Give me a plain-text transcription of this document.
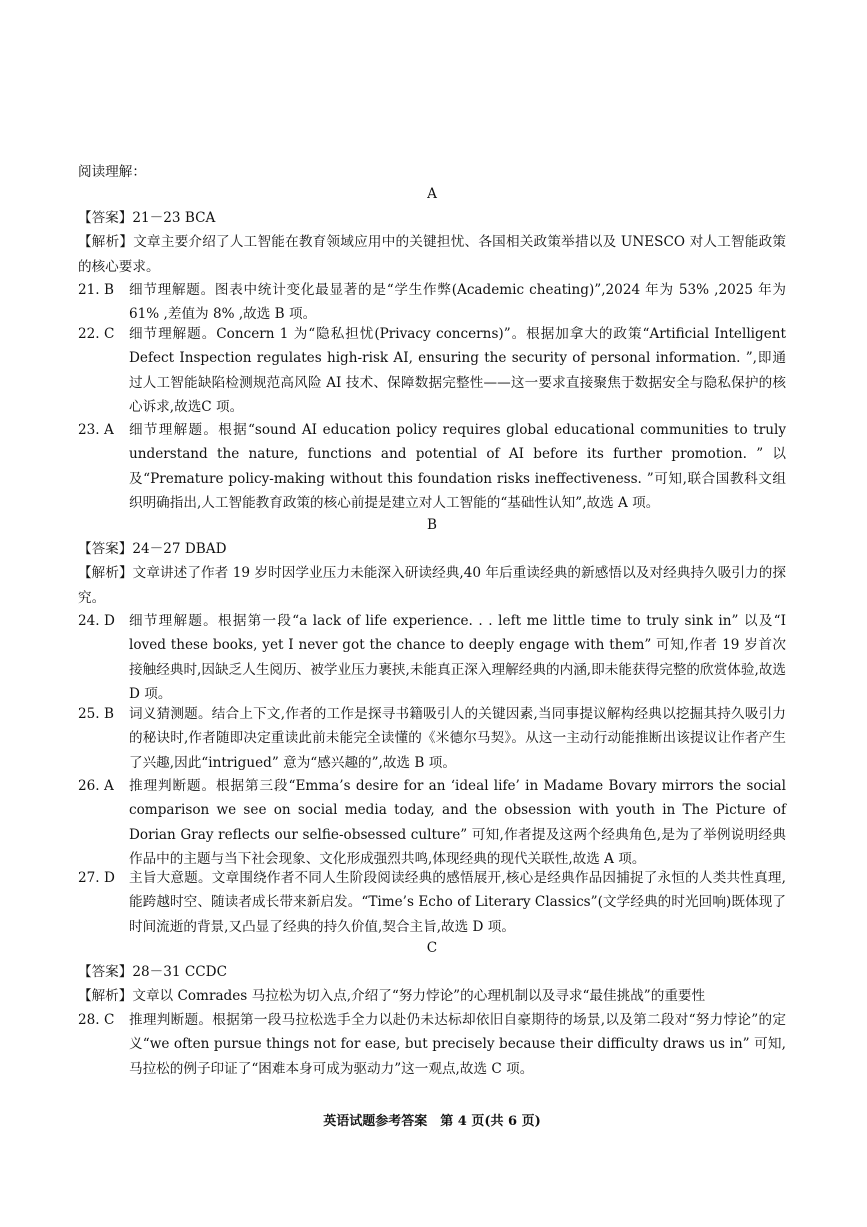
阅读理解：
A
【答案】21－23 BCA
【解析】文章主要介绍了人工智能在教育领域应用中的关键担忧、各国相关政策举措以及 UNESCO 对人工智能政策的核心要求。
21. B	细节理解题。图表中统计变化最显著的是“学生作弊(Academic cheating)”,2024 年为 53% ,2025 年为 61% ,差值为 8% ,故选 B 项。
22. C	细节理解题。Concern 1 为“隐私担忧(Privacy concerns)”。根据加拿大的政策“Artificial Intelligent Defect Inspection regulates high-risk AI, ensuring the security of personal information. ”,即通过人工智能缺陷检测规范高风险 AI 技术、保障数据完整性——这一要求直接聚焦于数据安全与隐私保护的核心诉求,故选C 项。
23. A	细节理解题。根据“sound AI education policy requires global educational communities to truly understand the nature, functions and potential of AI before its further promotion. ” 以及“Premature policy-making without this foundation risks ineffectiveness. ”可知,联合国教科文组织明确指出,人工智能教育政策的核心前提是建立对人工智能的“基础性认知”,故选 A 项。
B
【答案】24－27 DBAD
【解析】文章讲述了作者 19 岁时因学业压力未能深入研读经典,40 年后重读经典的新感悟以及对经典持久吸引力的探究。
24. D	细节理解题。根据第一段“a lack of life experience. . . left me little time to truly sink in” 以及“I loved these books, yet I never got the chance to deeply engage with them” 可知,作者 19 岁首次接触经典时,因缺乏人生阅历、被学业压力裹挟,未能真正深入理解经典的内涵,即未能获得完整的欣赏体验,故选 D 项。
25. B	词义猜测题。结合上下文,作者的工作是探寻书籍吸引人的关键因素,当同事提议解构经典以挖掘其持久吸引力的秘诀时,作者随即决定重读此前未能完全读懂的《米德尔马契》。从这一主动行动能推断出该提议让作者产生了兴趣,因此“intrigued” 意为“感兴趣的”,故选 B 项。
26. A	推理判断题。根据第三段“Emma’s desire for an ‘ideal life’ in Madame Bovary mirrors the social comparison we see on social media today, and the obsession with youth in The Picture of Dorian Gray reflects our selfie-obsessed culture” 可知,作者提及这两个经典角色,是为了举例说明经典作品中的主题与当下社会现象、文化形成强烈共鸣,体现经典的现代关联性,故选 A 项。
27. D	主旨大意题。文章围绕作者不同人生阶段阅读经典的感悟展开,核心是经典作品因捕捉了永恒的人类共性真理,能跨越时空、随读者成长带来新启发。“Time’s Echo of Literary Classics”(文学经典的时光回响)既体现了时间流逝的背景,又凸显了经典的持久价值,契合主旨,故选 D 项。
C
【答案】28－31 CCDC
【解析】文章以 Comrades 马拉松为切入点,介绍了“努力悖论”的心理机制以及寻求“最佳挑战”的重要性
28. C	推理判断题。根据第一段马拉松选手全力以赴仍未达标却依旧自豪期待的场景,以及第二段对“努力悖论”的定义“we often pursue things not for ease, but precisely because their difficulty draws us in” 可知,马拉松的例子印证了“困难本身可成为驱动力”这一观点,故选 C 项。
英语试题参考答案　第 4 页(共 6 页)
